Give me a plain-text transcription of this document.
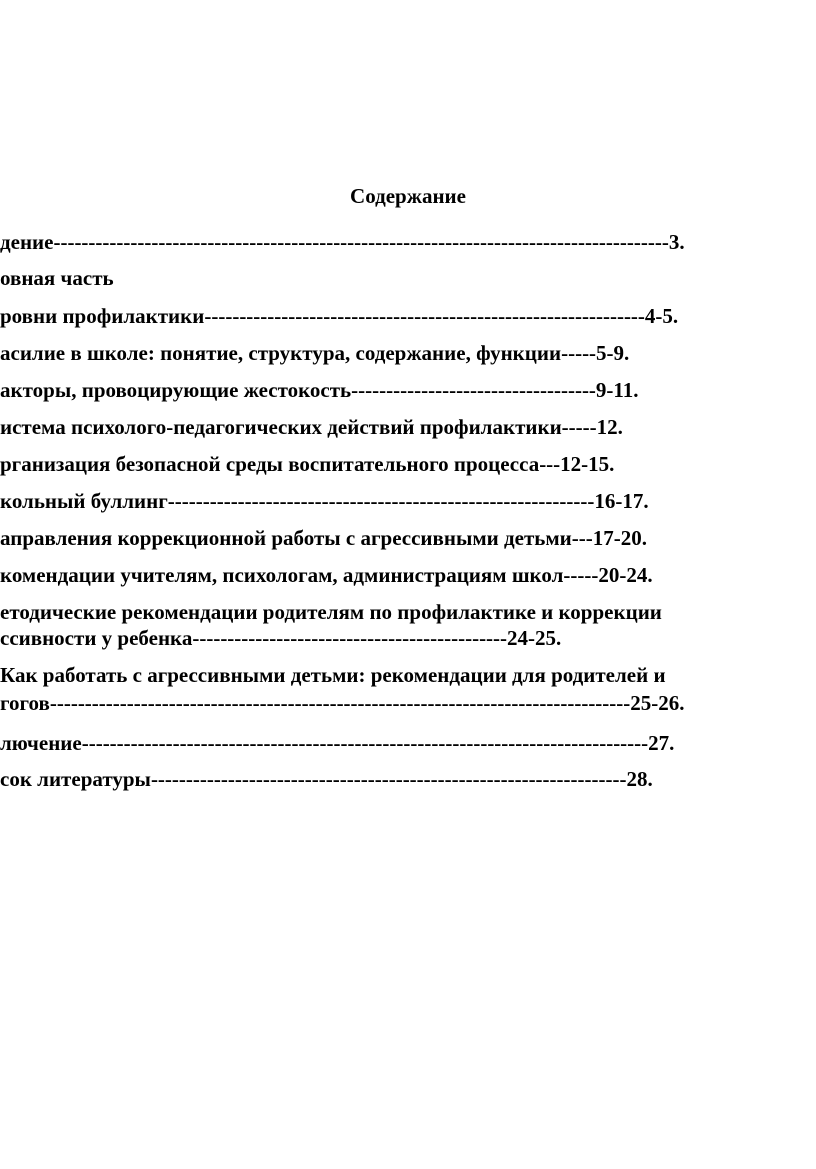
Содержание
дение----------------------------------------------------------------------------------------3.
овная часть
ровни профилактики---------------------------------------------------------------4-5.
асилие в школе: понятие, структура, содержание, функции-----5-9.
акторы, провоцирующие жестокость-----------------------------------9-11.
истема психолого-педагогических действий профилактики-----12.
рганизация безопасной среды воспитательного процесса---12-15.
кольный буллинг-------------------------------------------------------------16-17.
аправления коррекционной работы с агрессивными детьми---17-20.
комендации учителям, психологам, администрациям школ-----20-24.
етодические рекомендации родителям по профилактике и коррекции
ссивности у ребенка---------------------------------------------24-25.
Как работать с агрессивными детьми: рекомендации для родителей и
гогов-----------------------------------------------------------------------------------25-26.
лючение---------------------------------------------------------------------------------27.
сок литературы--------------------------------------------------------------------28.
